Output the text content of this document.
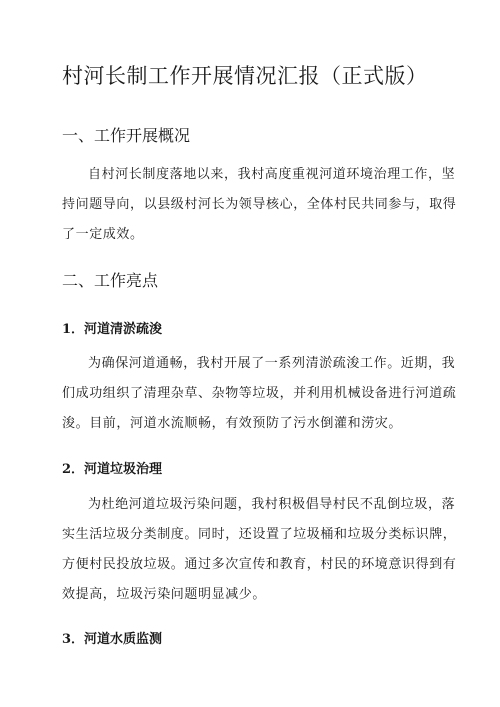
村河长制工作开展情况汇报（正式版）
一、工作开展概况
自村河长制度落地以来，我村高度重视河道环境治理工作，坚
持问题导向，以县级村河长为领导核心，全体村民共同参与，取得
了一定成效。
二、工作亮点
1．河道清淤疏浚
为确保河道通畅，我村开展了一系列清淤疏浚工作。近期，我
们成功组织了清理杂草、杂物等垃圾，并利用机械设备进行河道疏
浚。目前，河道水流顺畅，有效预防了污水倒灌和涝灾。
2．河道垃圾治理
为杜绝河道垃圾污染问题，我村积极倡导村民不乱倒垃圾，落
实生活垃圾分类制度。同时，还设置了垃圾桶和垃圾分类标识牌，
方便村民投放垃圾。通过多次宣传和教育，村民的环境意识得到有
效提高，垃圾污染问题明显减少。
3．河道水质监测
